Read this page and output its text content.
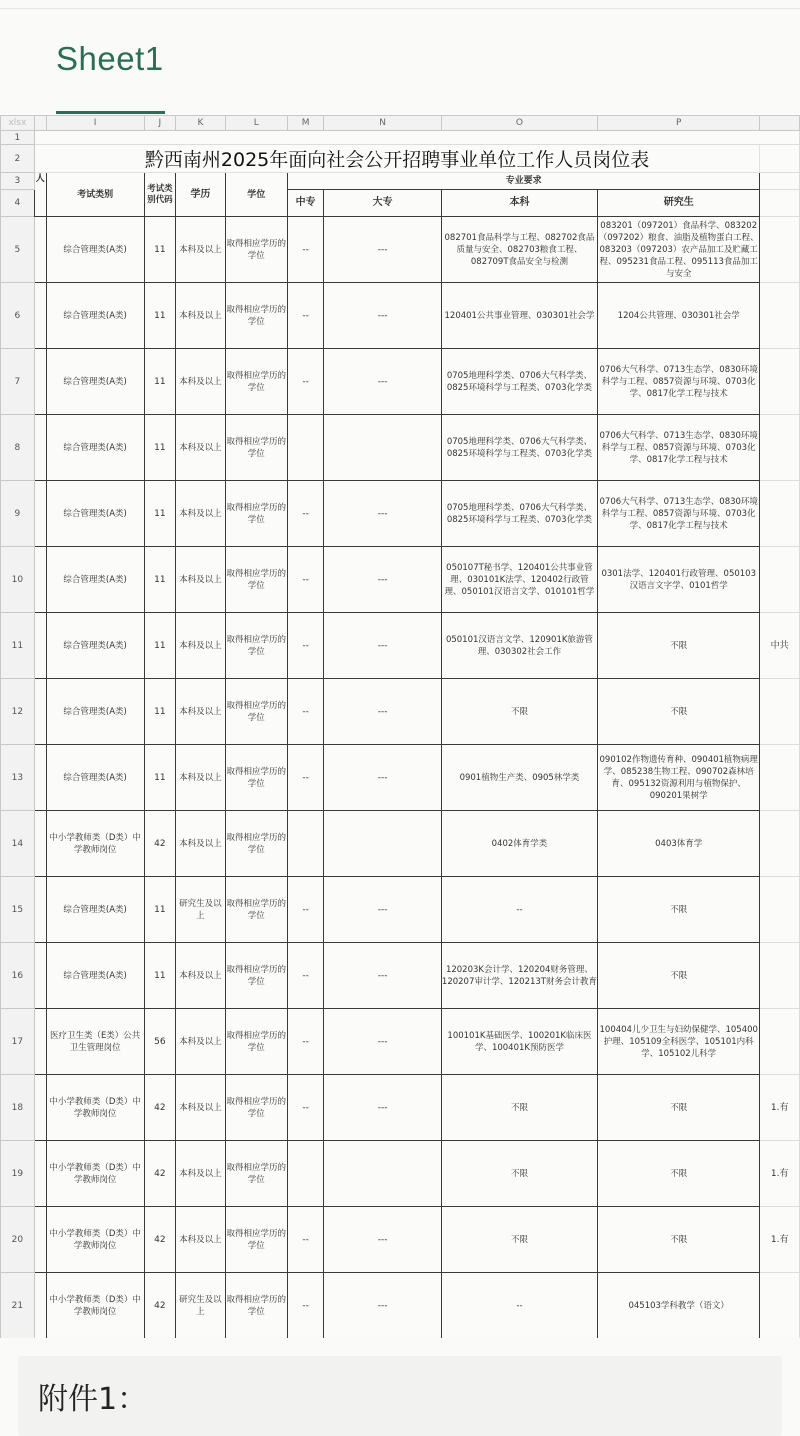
Sheet1
xlsx		I	J	K	L	M	N	O	P	
1										
2	黔西南州2025年面向社会公开招聘事业单位工作人员岗位表									
3	人	考试类别	考试类别代码	学历	学位	专业要求				
4						中专	大专	本科	研究生	
5		综合管理类(A类)	11	本科及以上	取得相应学历的学位	--	---	082701食品科学与工程、082702食品质量与安全、082703粮食工程、082709T食品安全与检测	083201（097201）食品科学、083202（097202）粮食、油脂及植物蛋白工程、083203（097203）农产品加工及贮藏工程、095231食品工程、095113食品加工与安全	
6		综合管理类(A类)	11	本科及以上	取得相应学历的学位	--	---	120401公共事业管理、030301社会学	1204公共管理、030301社会学	
7		综合管理类(A类)	11	本科及以上	取得相应学历的学位	--	---	0705地理科学类、0706大气科学类、0825环境科学与工程类、0703化学类	0706大气科学、0713生态学、0830环境科学与工程、0857资源与环境、0703化学、0817化学工程与技术	
8		综合管理类(A类)	11	本科及以上	取得相应学历的学位			0705地理科学类、0706大气科学类、0825环境科学与工程类、0703化学类	0706大气科学、0713生态学、0830环境科学与工程、0857资源与环境、0703化学、0817化学工程与技术	
9		综合管理类(A类)	11	本科及以上	取得相应学历的学位	--	---	0705地理科学类、0706大气科学类、0825环境科学与工程类、0703化学类	0706大气科学、0713生态学、0830环境科学与工程、0857资源与环境、0703化学、0817化学工程与技术	
10		综合管理类(A类)	11	本科及以上	取得相应学历的学位	--	---	050107T秘书学、120401公共事业管理、030101K法学、120402行政管理、050101汉语言文学、010101哲学	0301法学、120401行政管理、050103汉语言文字学、0101哲学	
11		综合管理类(A类)	11	本科及以上	取得相应学历的学位	--	---	050101汉语言文学、120901K旅游管理、030302社会工作	不限	中共
12		综合管理类(A类)	11	本科及以上	取得相应学历的学位	--	---	不限	不限	
13		综合管理类(A类)	11	本科及以上	取得相应学历的学位	--	---	0901植物生产类、0905林学类	090102作物遗传育种、090401植物病理学、085238生物工程、090702森林培育、095132资源利用与植物保护、090201果树学	
14		中小学教师类（D类）中学教师岗位	42	本科及以上	取得相应学历的学位			0402体育学类	0403体育学	
15		综合管理类(A类)	11	研究生及以上	取得相应学历的学位	--	---	--	不限	
16		综合管理类(A类)	11	本科及以上	取得相应学历的学位	--	---	120203K会计学、120204财务管理、120207审计学、120213T财务会计教育	不限	
17		医疗卫生类（E类）公共卫生管理岗位	56	本科及以上	取得相应学历的学位	--	---	100101K基础医学、100201K临床医学、100401K预防医学	100404儿少卫生与妇幼保健学、105400护理、105109全科医学、105101内科学、105102儿科学	
18		中小学教师类（D类）中学教师岗位	42	本科及以上	取得相应学历的学位	--	---	不限	不限	1.有
19		中小学教师类（D类）中学教师岗位	42	本科及以上	取得相应学历的学位			不限	不限	1.有
20		中小学教师类（D类）中学教师岗位	42	本科及以上	取得相应学历的学位	--	---	不限	不限	1.有
21		中小学教师类（D类）中学教师岗位	42	研究生及以上	取得相应学历的学位	--	---	--	045103学科教学（语文）	
附件1：
